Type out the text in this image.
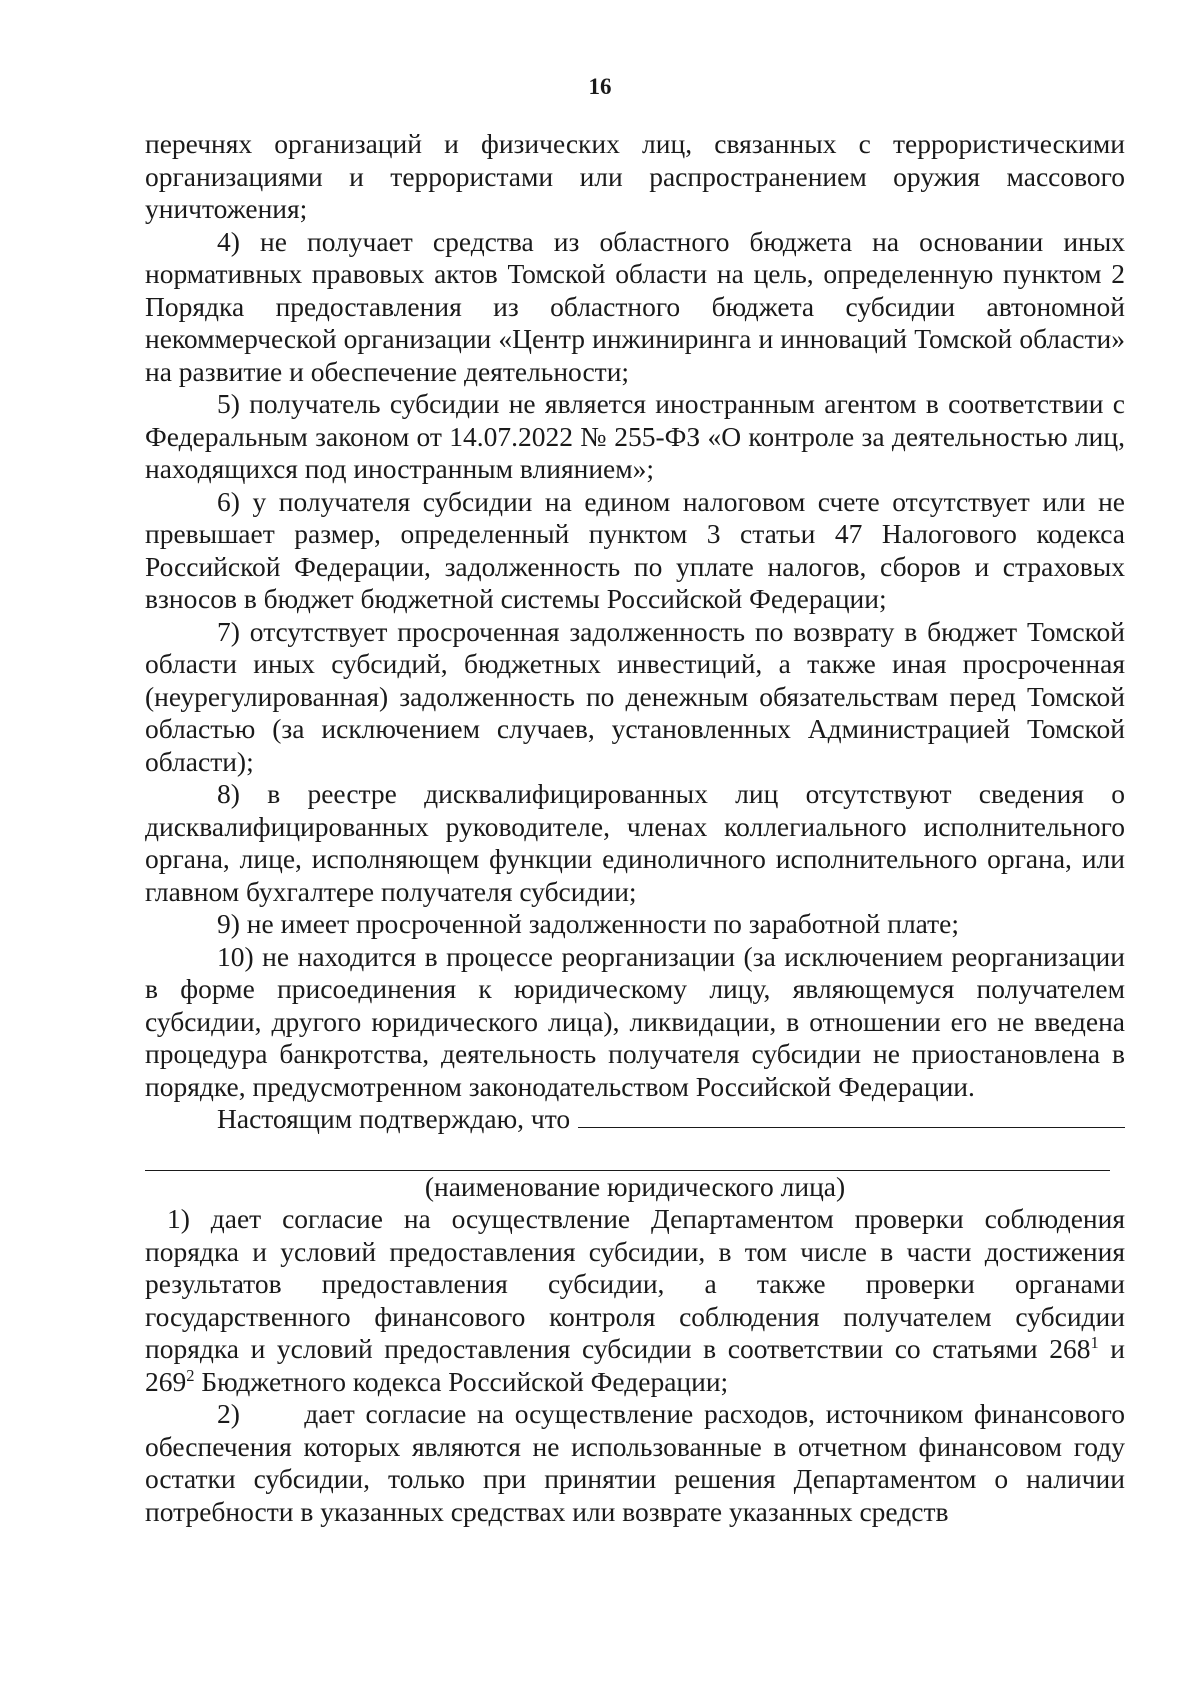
16

перечнях организаций и физических лиц, связанных с террористическими организациями и террористами или распространением оружия массового уничтожения;

4) не получает средства из областного бюджета на основании иных нормативных правовых актов Томской области на цель, определенную пунктом 2 Порядка предоставления из областного бюджета субсидии автономной некоммерческой организации «Центр инжиниринга и инноваций Томской области» на развитие и обеспечение деятельности;

5) получатель субсидии не является иностранным агентом в соответствии с Федеральным законом от 14.07.2022 № 255-ФЗ «О контроле за деятельностью лиц, находящихся под иностранным влиянием»;

6) у получателя субсидии на едином налоговом счете отсутствует или не превышает размер, определенный пунктом 3 статьи 47 Налогового кодекса Российской Федерации, задолженность по уплате налогов, сборов и страховых взносов в бюджет бюджетной системы Российской Федерации;

7) отсутствует просроченная задолженность по возврату в бюджет Томской области иных субсидий, бюджетных инвестиций, а также иная просроченная (неурегулированная) задолженность по денежным обязательствам перед Томской областью (за исключением случаев, установленных Администрацией Томской области);

8) в реестре дисквалифицированных лиц отсутствуют сведения о дисквалифицированных руководителе, членах коллегиального исполнительного органа, лице, исполняющем функции единоличного исполнительного органа, или главном бухгалтере получателя субсидии;

9) не имеет просроченной задолженности по заработной плате;

10) не находится в процессе реорганизации (за исключением реорганизации в форме присоединения к юридическому лицу, являющемуся получателем субсидии, другого юридического лица), ликвидации, в отношении его не введена процедура банкротства, деятельность получателя субсидии не приостановлена в порядке, предусмотренном законодательством Российской Федерации.

Настоящим подтверждаю, что

(наименование юридического лица)

1) дает согласие на осуществление Департаментом проверки соблюдения порядка и условий предоставления субсидии, в том числе в части достижения результатов предоставления субсидии, а также проверки органами государственного финансового контроля соблюдения получателем субсидии порядка и условий предоставления субсидии в соответствии со статьями $268^1$ и $269^2$ Бюджетного кодекса Российской Федерации;

2)      дает согласие на осуществление расходов, источником финансового обеспечения которых являются не использованные в отчетном финансовом году остатки субсидии, только при принятии решения Департаментом о наличии потребности в указанных средствах или возврате указанных средств
